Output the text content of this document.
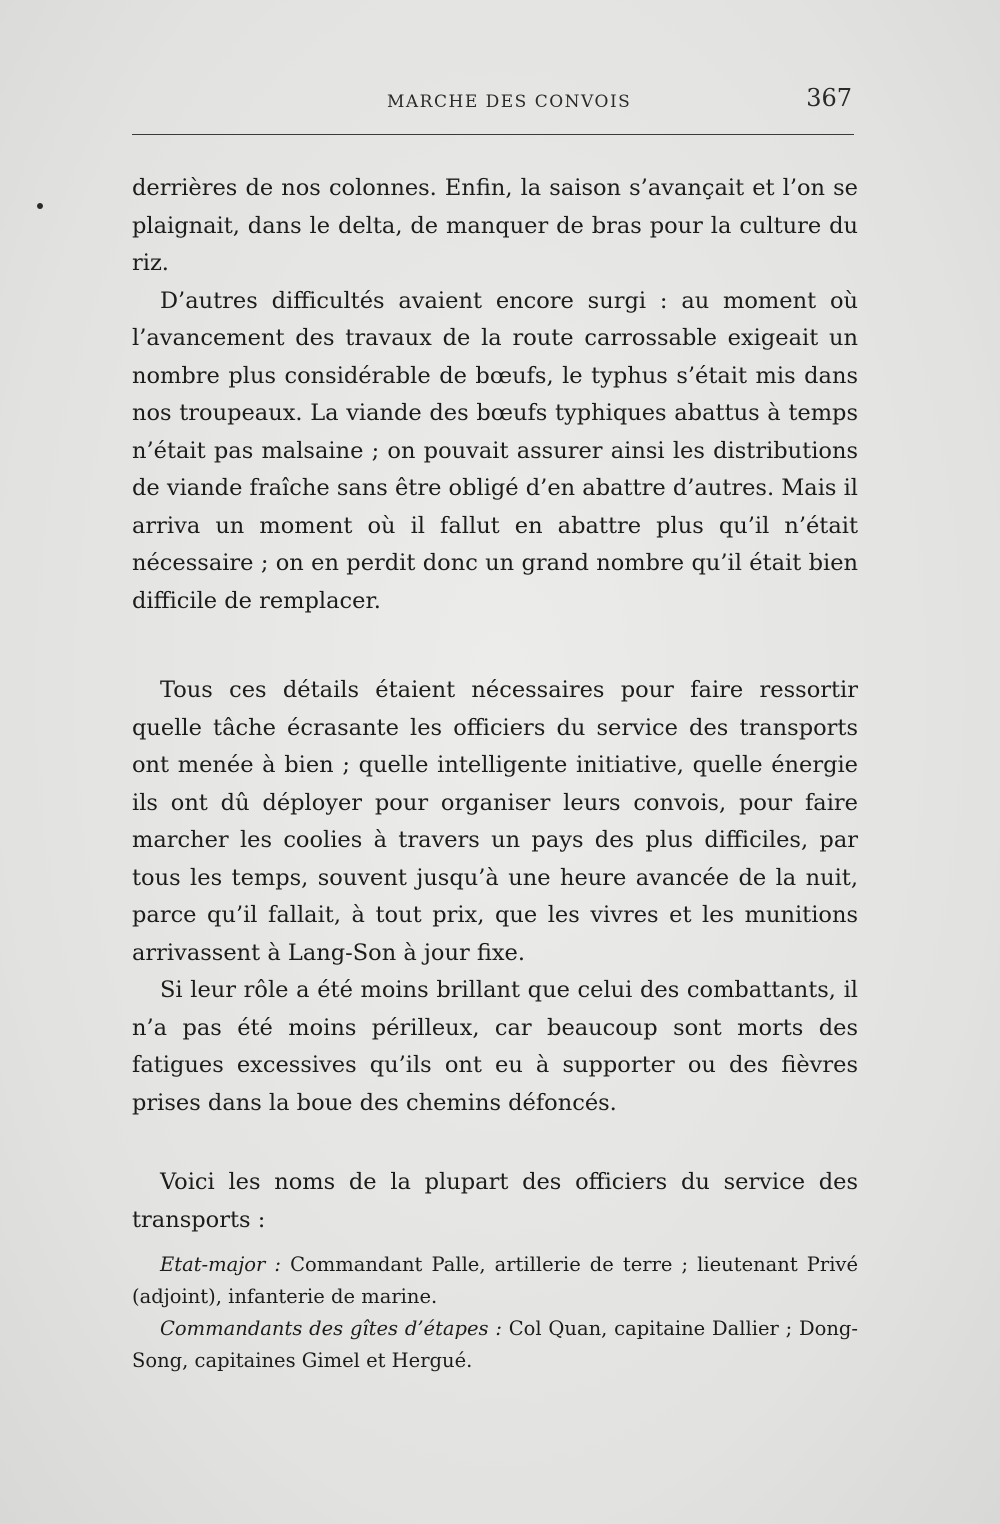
MARCHE DES CONVOIS	367

derrières de nos colonnes. Enfin, la saison s’avançait et l’on se plaignait, dans le delta, de manquer de bras pour la culture du riz.

D’autres difficultés avaient encore surgi : au moment où l’avancement des travaux de la route carrossable exigeait un nombre plus considérable de bœufs, le typhus s’était mis dans nos troupeaux. La viande des bœufs typhiques abattus à temps n’était pas malsaine ; on pouvait assurer ainsi les distributions de viande fraîche sans être obligé d’en abattre d’autres. Mais il arriva un moment où il fallut en abattre plus qu’il n’était nécessaire ; on en perdit donc un grand nombre qu’il était bien difficile de remplacer.

Tous ces détails étaient nécessaires pour faire ressortir quelle tâche écrasante les officiers du service des transports ont menée à bien ; quelle intelligente initiative, quelle énergie ils ont dû déployer pour organiser leurs convois, pour faire marcher les coolies à travers un pays des plus difficiles, par tous les temps, souvent jusqu’à une heure avancée de la nuit, parce qu’il fallait, à tout prix, que les vivres et les munitions arrivassent à Lang-Son à jour fixe.

Si leur rôle a été moins brillant que celui des combattants, il n’a pas été moins périlleux, car beaucoup sont morts des fatigues excessives qu’ils ont eu à supporter ou des fièvres prises dans la boue des chemins défoncés.

Voici les noms de la plupart des officiers du service des transports :

Etat-major : Commandant Palle, artillerie de terre ; lieutenant Privé (adjoint), infanterie de marine.

Commandants des gîtes d’étapes : Col Quan, capitaine Dallier ; Dong-Song, capitaines Gimel et Hergué.
